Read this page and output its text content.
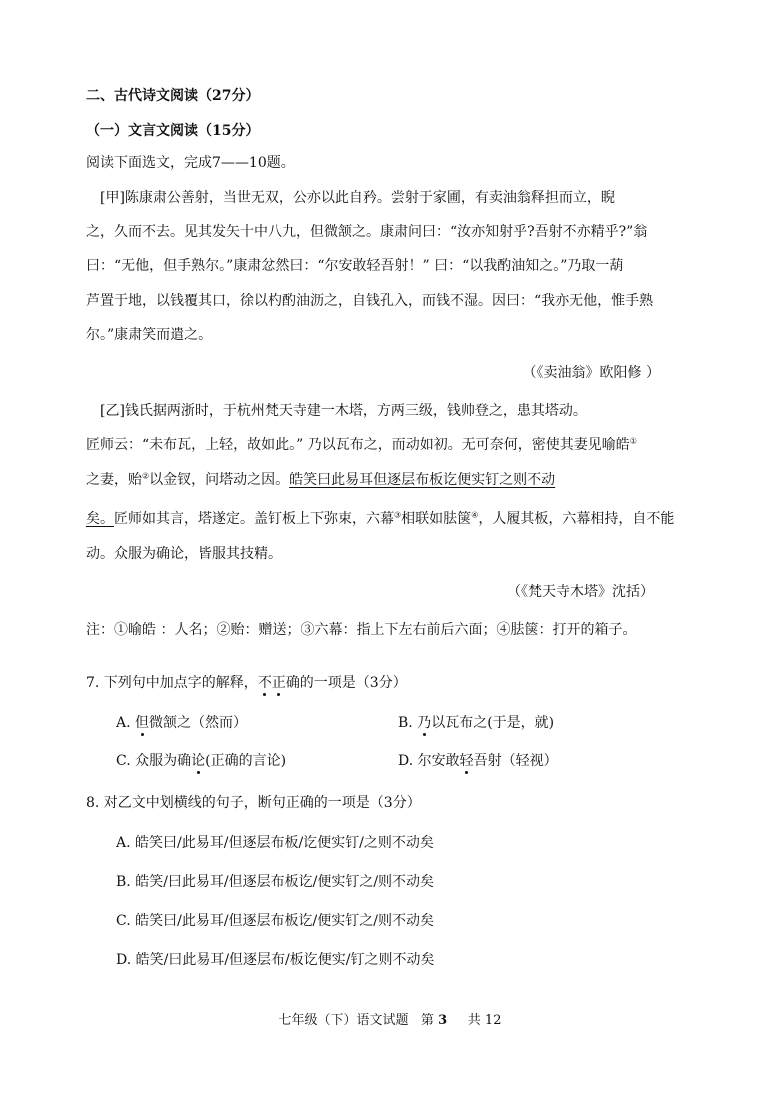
二、古代诗文阅读（27分）
（一）文言文阅读（15分）
阅读下面选文，完成7——10题。
[甲]陈康肃公善射，当世无双，公亦以此自矜。尝射于家圃，有卖油翁释担而立，睨
之，久而不去。见其发矢十中八九，但微颔之。康肃问曰：“汝亦知射乎?吾射不亦精乎?”翁
曰：“无他，但手熟尔。”康肃忿然曰：“尔安敢轻吾射！” 曰：“以我酌油知之。”乃取一葫
芦置于地，以钱覆其口，徐以杓酌油沥之，自钱孔入，而钱不湿。因曰：“我亦无他，惟手熟
尔。”康肃笑而遣之。
（《卖油翁》欧阳修 ）
[乙]钱氏据两浙时，于杭州梵天寺建一木塔，方两三级，钱帅登之，患其塔动。
匠师云：“未布瓦，上轻，故如此。” 乃以瓦布之，而动如初。无可奈何，密使其妻见喻皓①
之妻，贻②以金钗，问塔动之因。皓笑曰此易耳但逐层布板讫便实钉之则不动
矣。匠师如其言，塔遂定。盖钉板上下弥束，六幕③相联如胠箧④，人履其板，六幕相持，自不能
动。众服为确论，皆服其技精。
（《梵天寺木塔》沈括）
注：①喻皓 ：人名；②贻：赠送；③六幕：指上下左右前后六面；④胠箧：打开的箱子。
7. 下列句中加点字的解释，不正确的一项是（3分）
A. 但微颔之（然而）	B. 乃以瓦布之(于是，就)
C. 众服为确论(正确的言论)	D. 尔安敢轻吾射（轻视）
8. 对乙文中划横线的句子，断句正确的一项是（3分）
A. 皓笑曰/此易耳/但逐层布板/讫便实钉/之则不动矣
B. 皓笑/曰此易耳/但逐层布板讫/便实钉之/则不动矣
C. 皓笑曰/此易耳/但逐层布板讫/便实钉之/则不动矣
D. 皓笑/曰此易耳/但逐层布/板讫便实/钉之则不动矣
七年级（下）语文试题 第 3 共 12
